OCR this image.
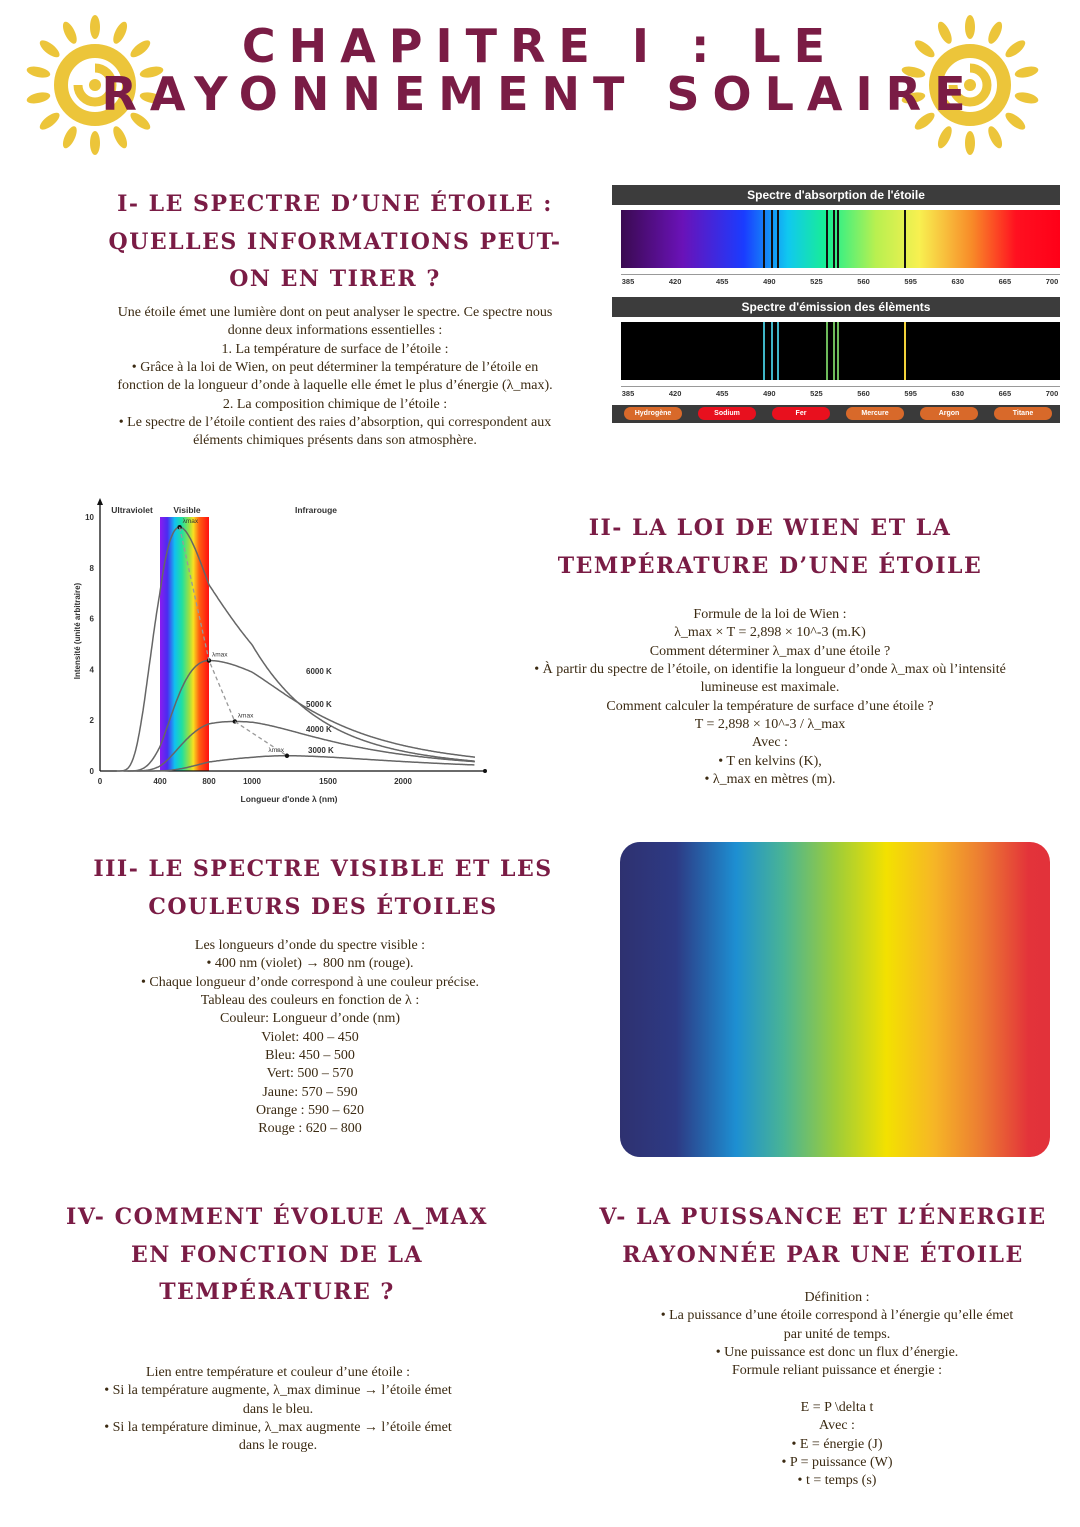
CHAPITRE I : LE
RAYONNEMENT SOLAIRE
I- LE SPECTRE D’UNE ÉTOILE :
QUELLES INFORMATIONS PEUT-
ON EN TIRER ?
Une étoile émet une lumière dont on peut analyser le spectre. Ce spectre nous
donne deux informations essentielles :
1. La température de surface de l’étoile :
• Grâce à la loi de Wien, on peut déterminer la température de l’étoile en
fonction de la longueur d’onde à laquelle elle émet le plus d’énergie (λ_max).
2. La composition chimique de l’étoile :
• Le spectre de l’étoile contient des raies d’absorption, qui correspondent aux
éléments chimiques présents dans son atmosphère.
Spectre d'absorption de l'étoile
385	420	455	490	525	560	595	630	665	700
Spectre d'émission des élèments
385	420	455	490	525	560	595	630	665	700
Hydrogène	Sodium	Fer	Mercure	Argon	Titane
0	400	800	1000	1500	2000
0
2
4
6
8
10	λmax
6000 K
λmax
5000 K
λmax
4000 K
λmax	3000 K
Longueur d'onde λ (nm)
Intensité (unité arbitraire)
Ultraviolet Visible	Infrarouge
II- LA LOI DE WIEN ET LA
TEMPÉRATURE D’UNE ÉTOILE
Formule de la loi de Wien :
λ_max × T = 2,898 × 10^-3 (m.K)
Comment déterminer λ_max d’une étoile ?
• À partir du spectre de l’étoile, on identifie la longueur d’onde λ_max où l’intensité
lumineuse est maximale.
Comment calculer la température de surface d’une étoile ?
T = 2,898 × 10^-3 / λ_max
Avec :
• T en kelvins (K),
• λ_max en mètres (m).
III- LE SPECTRE VISIBLE ET LES
COULEURS DES ÉTOILES
Les longueurs d’onde du spectre visible :
• 400 nm (violet) → 800 nm (rouge).
• Chaque longueur d’onde correspond à une couleur précise.
Tableau des couleurs en fonction de λ :
Couleur: Longueur d’onde (nm)
Violet: 400 – 450
Bleu: 450 – 500
Vert: 500 – 570
Jaune: 570 – 590
Orange : 590 – 620
Rouge : 620 – 800
IV- COMMENT ÉVOLUE Λ_MAX
EN FONCTION DE LA
TEMPÉRATURE ?
Lien entre température et couleur d’une étoile :
• Si la température augmente, λ_max diminue → l’étoile émet
dans le bleu.
• Si la température diminue, λ_max augmente → l’étoile émet
dans le rouge.
V- LA PUISSANCE ET L’ÉNERGIE
RAYONNÉE PAR UNE ÉTOILE
Définition :
• La puissance d’une étoile correspond à l’énergie qu’elle émet
par unité de temps.
• Une puissance est donc un flux d’énergie.
Formule reliant puissance et énergie :
E = P \delta t
Avec :
• E = énergie (J)
• P = puissance (W)
• t = temps (s)
